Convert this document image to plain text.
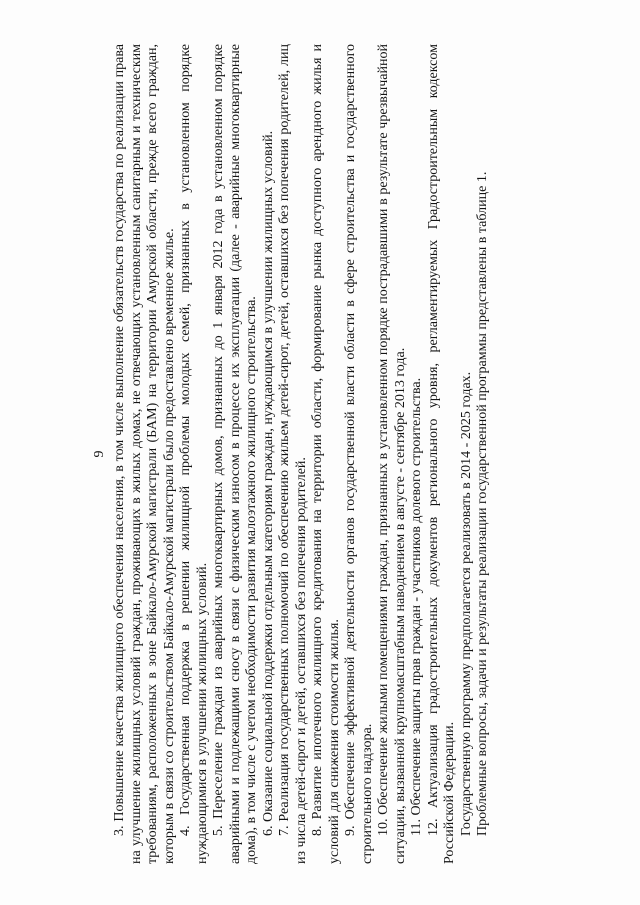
9 3. Повышение качества жилищного обеспечения населения, в том числе выполнение обязательств государства по реализации права на улучшение жилищных условий граждан, проживающих в жилых домах, не отвечающих установленным санитарным и техническим требованиям, расположенных в зоне Байкало-Амурской магистрали (БАМ) на территории Амурской области, прежде всего граждан, которым в связи со строительством Байкало-Амурской магистрали было предоставлено временное жилье. 4. Государственная поддержка в решении жилищной проблемы молодых семей, признанных в установленном порядке нуждающимися в улучшении жилищных условий. 5. Переселение граждан из аварийных многоквартирных домов, признанных до 1 января 2012 года в установленном порядке аварийными и подлежащими сносу в связи с физическим износом в процессе их эксплуатации (далее - аварийные многоквартирные дома), в том числе с учетом необходимости развития малоэтажного жилищного строительства. 6. Оказание социальной поддержки отдельным категориям граждан, нуждающимся в улучшении жилищных условий. 7. Реализация государственных полномочий по обеспечению жильем детей-сирот, детей, оставшихся без попечения родителей, лиц из числа детей-сирот и детей, оставшихся без попечения родителей. 8. Развитие ипотечного жилищного кредитования на территории области, формирование рынка доступного арендного жилья и условий для снижения стоимости жилья. 9. Обеспечение эффективной деятельности органов государственной власти области в сфере строительства и государственного строительного надзора. 10. Обеспечение жилыми помещениями граждан, признанных в установленном порядке пострадавшими в результате чрезвычайной ситуации, вызванной крупномасштабным наводнением в августе - сентябре 2013 года. 11. Обеспечение защиты прав граждан - участников долевого строительства. 12. Актуализация градостроительных документов регионального уровня, регламентируемых Градостроительным кодексом Российской Федерации. Государственную программу предполагается реализовать в 2014 - 2025 годах. Проблемные вопросы, задачи и результаты реализации государственной программы представлены в таблице 1.
